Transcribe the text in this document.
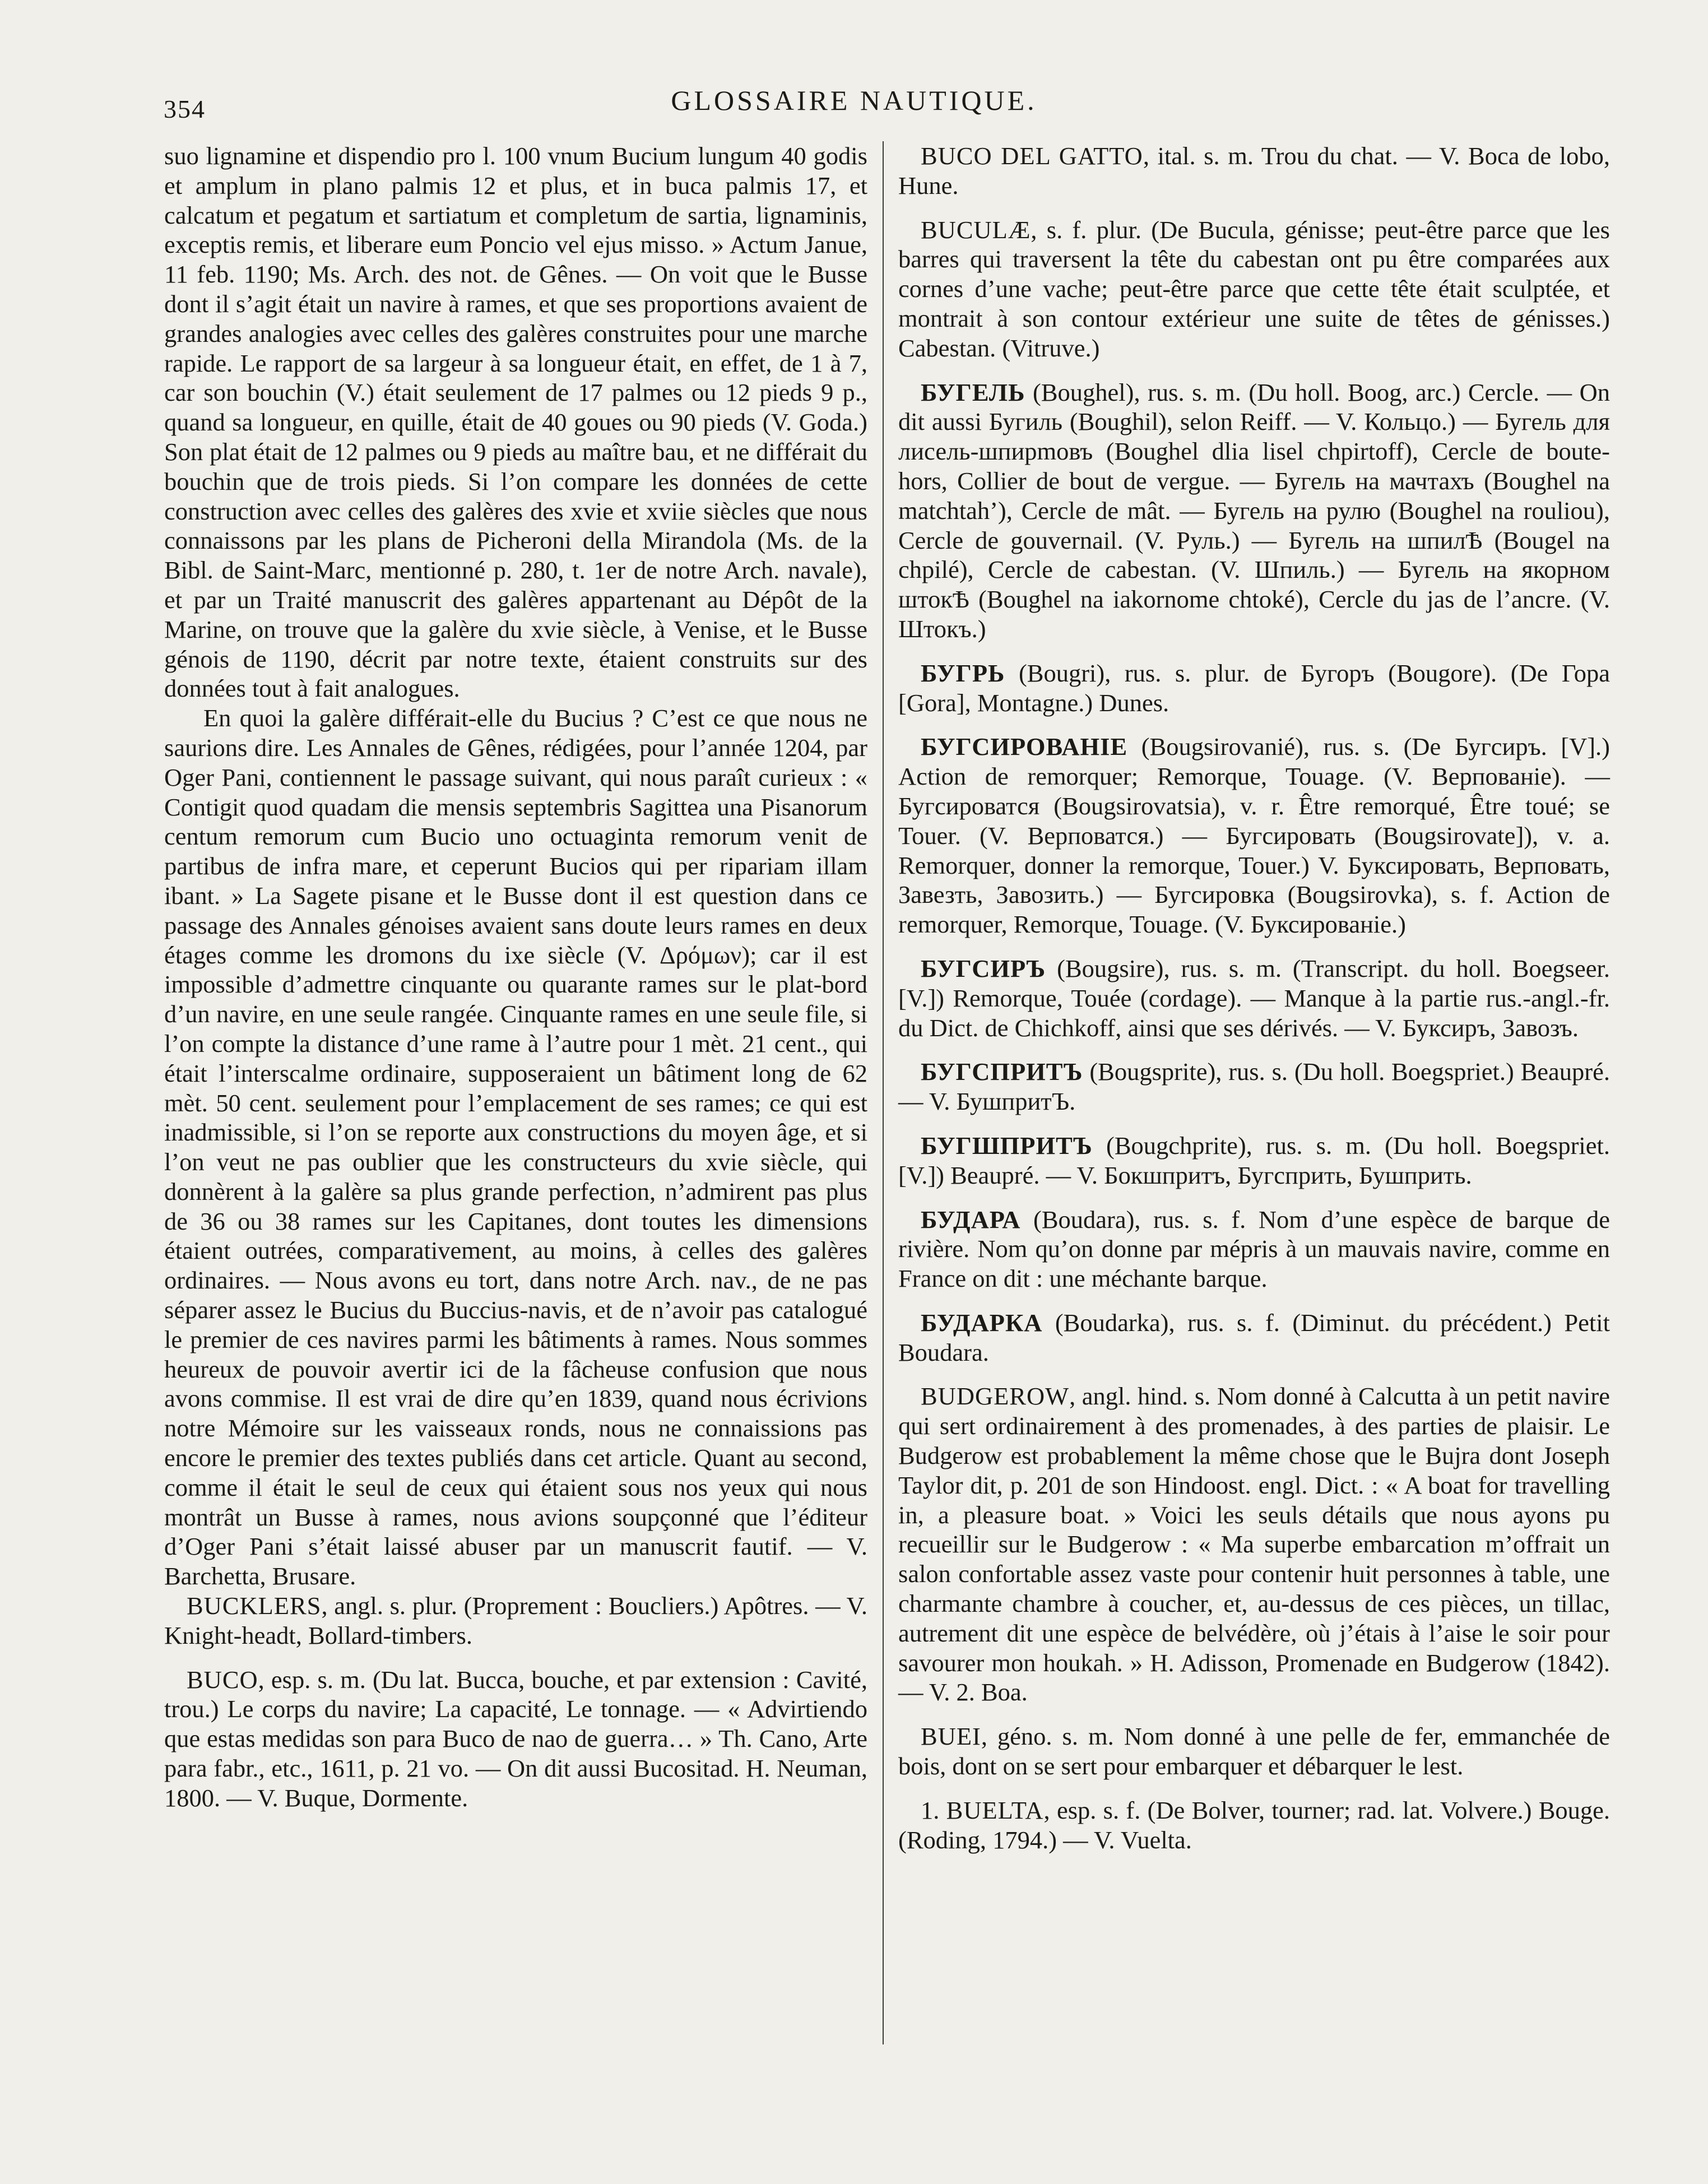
354	GLOSSAIRE NAUTIQUE.

suo lignamine et dispendio pro l. 100 vnum Bucium lungum 40 godis et amplum in plano palmis 12 et plus, et in buca palmis 17, et calcatum et pegatum et sartiatum et completum de sartia, lignaminis, exceptis remis, et liberare eum Poncio vel ejus misso. » Actum Janue, 11 feb. 1190; Ms. Arch. des not. de Gênes. — On voit que le Busse dont il s’agit était un navire à rames, et que ses proportions avaient de grandes analogies avec celles des galères construites pour une marche rapide. Le rapport de sa largeur à sa longueur était, en effet, de 1 à 7, car son bouchin (V.) était seulement de 17 palmes ou 12 pieds 9 p., quand sa longueur, en quille, était de 40 goues ou 90 pieds (V. Goda.) Son plat était de 12 palmes ou 9 pieds au maître bau, et ne différait du bouchin que de trois pieds. Si l’on compare les données de cette construction avec celles des galères des xvie et xviie siècles que nous connaissons par les plans de Picheroni della Mirandola (Ms. de la Bibl. de Saint-Marc, mentionné p. 280, t. 1er de notre Arch. navale), et par un Traité manuscrit des galères appartenant au Dépôt de la Marine, on trouve que la galère du xvie siècle, à Venise, et le Busse génois de 1190, décrit par notre texte, étaient construits sur des données tout à fait analogues.

En quoi la galère différait-elle du Bucius ? C’est ce que nous ne saurions dire. Les Annales de Gênes, rédigées, pour l’année 1204, par Oger Pani, contiennent le passage suivant, qui nous paraît curieux : « Contigit quod quadam die mensis septembris Sagittea una Pisanorum centum remorum cum Bucio uno octuaginta remorum venit de partibus de infra mare, et ceperunt Bucios qui per ripariam illam ibant. » La Sagete pisane et le Busse dont il est question dans ce passage des Annales génoises avaient sans doute leurs rames en deux étages comme les dromons du ixe siècle (V. Δρόμων); car il est impossible d’admettre cinquante ou quarante rames sur le plat-bord d’un navire, en une seule rangée. Cinquante rames en une seule file, si l’on compte la distance d’une rame à l’autre pour 1 mèt. 21 cent., qui était l’interscalme ordinaire, supposeraient un bâtiment long de 62 mèt. 50 cent. seulement pour l’emplacement de ses rames; ce qui est inadmissible, si l’on se reporte aux constructions du moyen âge, et si l’on veut ne pas oublier que les constructeurs du xvie siècle, qui donnèrent à la galère sa plus grande perfection, n’admirent pas plus de 36 ou 38 rames sur les Capitanes, dont toutes les dimensions étaient outrées, comparativement, au moins, à celles des galères ordinaires. — Nous avons eu tort, dans notre Arch. nav., de ne pas séparer assez le Bucius du Buccius-navis, et de n’avoir pas catalogué le premier de ces navires parmi les bâtiments à rames. Nous sommes heureux de pouvoir avertir ici de la fâcheuse confusion que nous avons commise. Il est vrai de dire qu’en 1839, quand nous écrivions notre Mémoire sur les vaisseaux ronds, nous ne connaissions pas encore le premier des textes publiés dans cet article. Quant au second, comme il était le seul de ceux qui étaient sous nos yeux qui nous montrât un Busse à rames, nous avions soupçonné que l’éditeur d’Oger Pani s’était laissé abuser par un manuscrit fautif. — V. Barchetta, Brusare.

BUCKLERS, angl. s. plur. (Proprement : Boucliers.) Apôtres. — V. Knight-headt, Bollard-timbers.

BUCO, esp. s. m. (Du lat. Bucca, bouche, et par extension : Cavité, trou.) Le corps du navire; La capacité, Le tonnage. — « Advirtiendo que estas medidas son para Buco de nao de guerra… » Th. Cano, Arte para fabr., etc., 1611, p. 21 vo. — On dit aussi Bucositad. H. Neuman, 1800. — V. Buque, Dormente.

BUCO DEL GATTO, ital. s. m. Trou du chat. — V. Boca de lobo, Hune.

BUCULÆ, s. f. plur. (De Bucula, génisse; peut-être parce que les barres qui traversent la tête du cabestan ont pu être comparées aux cornes d’une vache; peut-être parce que cette tête était sculptée, et montrait à son contour extérieur une suite de têtes de génisses.) Cabestan. (Vitruve.)

БУГЕЛЬ (Boughel), rus. s. m. (Du holl. Boog, arc.) Cercle. — On dit aussi Бугиль (Boughil), selon Reiff. — V. Кольцо.) — Бугель для лисель-шпирmовъ (Boughel dlia lisel chpirtoff), Cercle de boute-hors, Collier de bout de vergue. — Бугель на мачтахъ (Boughel na matchtah’), Cercle de mât. — Бугель на рулю (Boughel na rouliou), Cercle de gouvernail. (V. Руль.) — Бугель на шпилѢ (Bougel na chpilé), Cercle de cabestan. (V. Шпиль.) — Бугель на якорном штокѢ (Boughel na iakornome chtoké), Cercle du jas de l’ancre. (V. Штокъ.)

БУГРЬ (Bougri), rus. s. plur. de Бугоръ (Bougore). (De Гора [Gora], Montagne.) Dunes.

БУГСИРОВАНІЕ (Bougsirovanié), rus. s. (De Бугсиръ. [V].) Action de remorquer; Remorque, Touage. (V. Верпованіе). — Бугсироватся (Bougsirovatsia), v. r. Être remorqué, Être toué; se Touer. (V. Верповатся.) — Бугсировать (Bougsirovate]), v. a. Remorquer, donner la remorque, Touer.) V. Буксировать, Верповать, Завезть, Завозить.) — Бугсировка (Bougsirovka), s. f. Action de remorquer, Remorque, Touage. (V. Буксированіе.)

БУГСИРЪ (Bougsire), rus. s. m. (Transcript. du holl. Boegseer. [V.]) Remorque, Touée (cordage). — Manque à la partie rus.-angl.-fr. du Dict. de Chichkoff, ainsi que ses dérivés. — V. Буксиръ, Завозъ.

БУГСПРИТЪ (Bougsprite), rus. s. (Du holl. Boegspriet.) Beaupré. — V. БушпритЪ.

БУГШПРИТЪ (Bougchprite), rus. s. m. (Du holl. Boegspriet. [V.]) Beaupré. — V. Бокшпритъ, Бугсприть, Бушприть.

БУДАРА (Boudara), rus. s. f. Nom d’une espèce de barque de rivière. Nom qu’on donne par mépris à un mauvais navire, comme en France on dit : une méchante barque.

БУДАРКА (Boudarka), rus. s. f. (Diminut. du précédent.) Petit Boudara.

BUDGEROW, angl. hind. s. Nom donné à Calcutta à un petit navire qui sert ordinairement à des promenades, à des parties de plaisir. Le Budgerow est probablement la même chose que le Bujra dont Joseph Taylor dit, p. 201 de son Hindoost. engl. Dict. : « A boat for travelling in, a pleasure boat. » Voici les seuls détails que nous ayons pu recueillir sur le Budgerow : « Ma superbe embarcation m’offrait un salon confortable assez vaste pour contenir huit personnes à table, une charmante chambre à coucher, et, au-dessus de ces pièces, un tillac, autrement dit une espèce de belvédère, où j’étais à l’aise le soir pour savourer mon houkah. » H. Adisson, Promenade en Budgerow (1842). — V. 2. Boa.

BUEI, géno. s. m. Nom donné à une pelle de fer, emmanchée de bois, dont on se sert pour embarquer et débarquer le lest.

1. BUELTA, esp. s. f. (De Bolver, tourner; rad. lat. Volvere.) Bouge. (Roding, 1794.) — V. Vuelta.
